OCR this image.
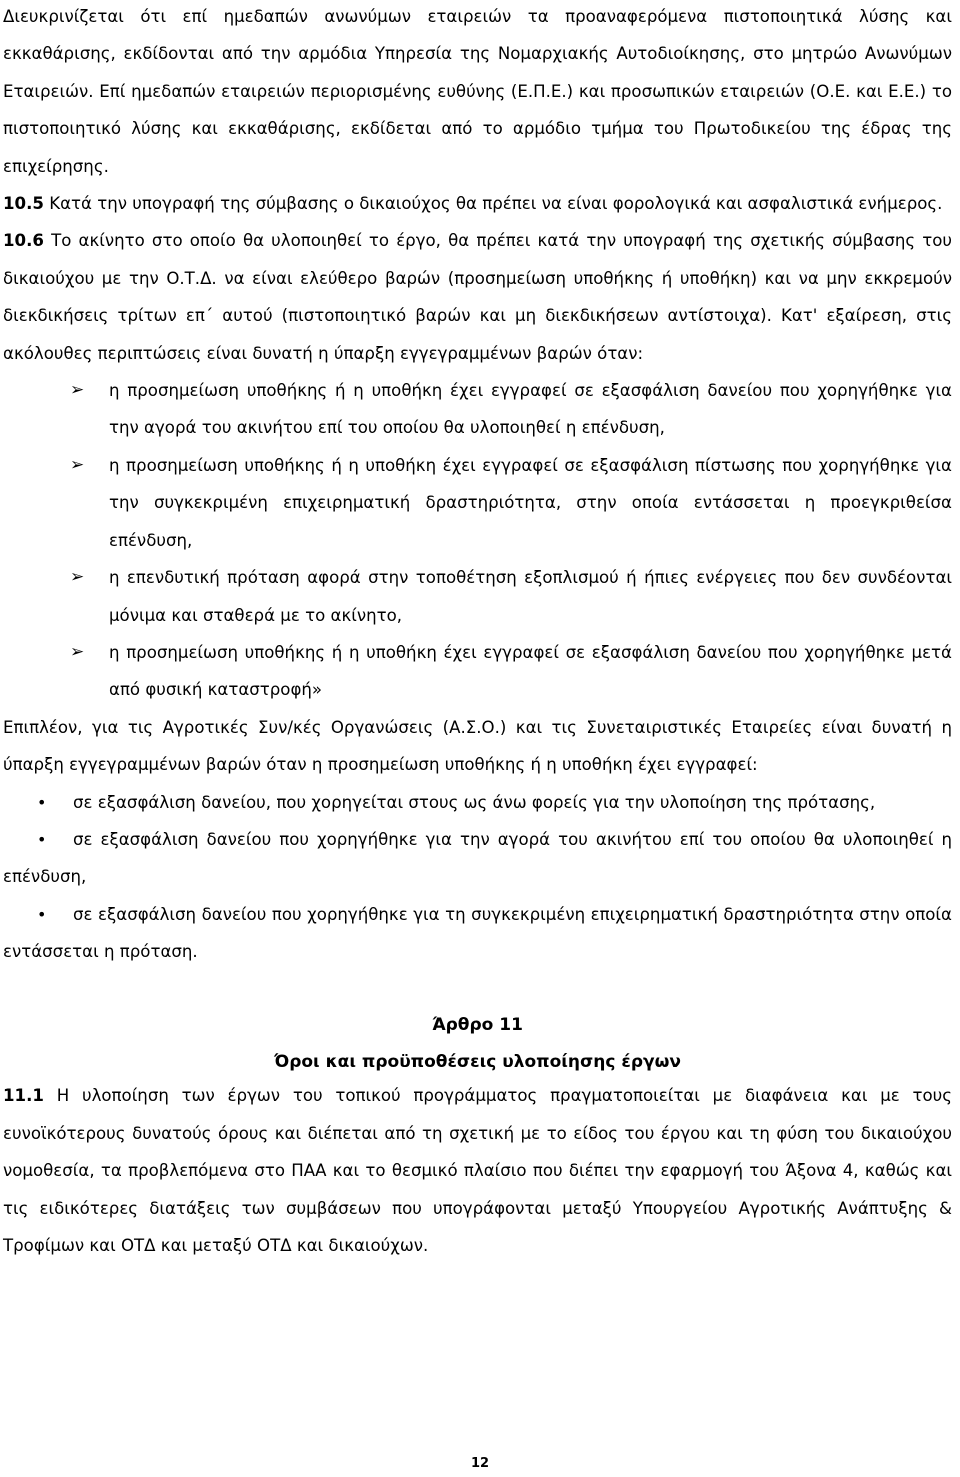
Διευκρινίζεται ότι επί ημεδαπών ανωνύμων εταιρειών τα προαναφερόμενα πιστοποιητικά λύσης και εκκαθάρισης, εκδίδονται από την αρμόδια Υπηρεσία της Νομαρχιακής Αυτοδιοίκησης, στο μητρώο Ανωνύμων Εταιρειών. Επί ημεδαπών εταιρειών περιορισμένης ευθύνης (Ε.Π.Ε.) και προσωπικών εταιρειών (Ο.Ε. και Ε.Ε.) το πιστοποιητικό λύσης και εκκαθάρισης, εκδίδεται από το αρμόδιο τμήμα του Πρωτοδικείου της έδρας της επιχείρησης.

10.5 Κατά την υπογραφή της σύμβασης ο δικαιούχος θα πρέπει να είναι φορολογικά και ασφαλιστικά ενήμερος.

10.6 Το ακίνητο στο οποίο θα υλοποιηθεί το έργο, θα πρέπει κατά την υπογραφή της σχετικής σύμβασης του δικαιούχου με την Ο.Τ.Δ. να είναι ελεύθερο βαρών (προσημείωση υποθήκης ή υποθήκη) και να μην εκκρεμούν διεκδικήσεις τρίτων επ΄ αυτού (πιστοποιητικό βαρών και μη διεκδικήσεων αντίστοιχα). Κατ' εξαίρεση, στις ακόλουθες περιπτώσεις είναι δυνατή η ύπαρξη εγγεγραμμένων βαρών όταν:

➢ η προσημείωση υποθήκης ή η υποθήκη έχει εγγραφεί σε εξασφάλιση δανείου που χορηγήθηκε για την αγορά του ακινήτου επί του οποίου θα υλοποιηθεί η επένδυση,
➢ η προσημείωση υποθήκης ή η υποθήκη έχει εγγραφεί σε εξασφάλιση πίστωσης που χορηγήθηκε για την συγκεκριμένη επιχειρηματική δραστηριότητα, στην οποία εντάσσεται η προεγκριθείσα επένδυση,
➢ η επενδυτική πρόταση αφορά στην τοποθέτηση εξοπλισμού ή ήπιες ενέργειες που δεν συνδέονται μόνιμα και σταθερά με το ακίνητο,
➢ η προσημείωση υποθήκης ή η υποθήκη έχει εγγραφεί σε εξασφάλιση δανείου που χορηγήθηκε μετά από φυσική καταστροφή»

Επιπλέον, για τις Αγροτικές Συν/κές Οργανώσεις (Α.Σ.Ο.) και τις Συνεταιριστικές Εταιρείες είναι δυνατή η ύπαρξη εγγεγραμμένων βαρών όταν η προσημείωση υποθήκης ή η υποθήκη έχει εγγραφεί:

• σε εξασφάλιση δανείου, που χορηγείται στους ως άνω φορείς για την υλοποίηση της πρότασης,
• σε εξασφάλιση δανείου που χορηγήθηκε για την αγορά του ακινήτου επί του οποίου θα υλοποιηθεί η επένδυση,
• σε εξασφάλιση δανείου που χορηγήθηκε για τη συγκεκριμένη επιχειρηματική δραστηριότητα στην οποία εντάσσεται η πρόταση.

Άρθρο 11

Όροι και προϋποθέσεις υλοποίησης έργων

11.1 Η υλοποίηση των έργων του τοπικού προγράμματος πραγματοποιείται με διαφάνεια και με τους ευνοϊκότερους δυνατούς όρους και διέπεται από τη σχετική με το είδος του έργου και τη φύση του δικαιούχου νομοθεσία, τα προβλεπόμενα στο ΠΑΑ και το θεσμικό πλαίσιο που διέπει την εφαρμογή του Άξονα 4, καθώς και τις ειδικότερες διατάξεις των συμβάσεων που υπογράφονται μεταξύ Υπουργείου Αγροτικής Ανάπτυξης & Τροφίμων και ΟΤΔ και μεταξύ ΟΤΔ και δικαιούχων.

12
